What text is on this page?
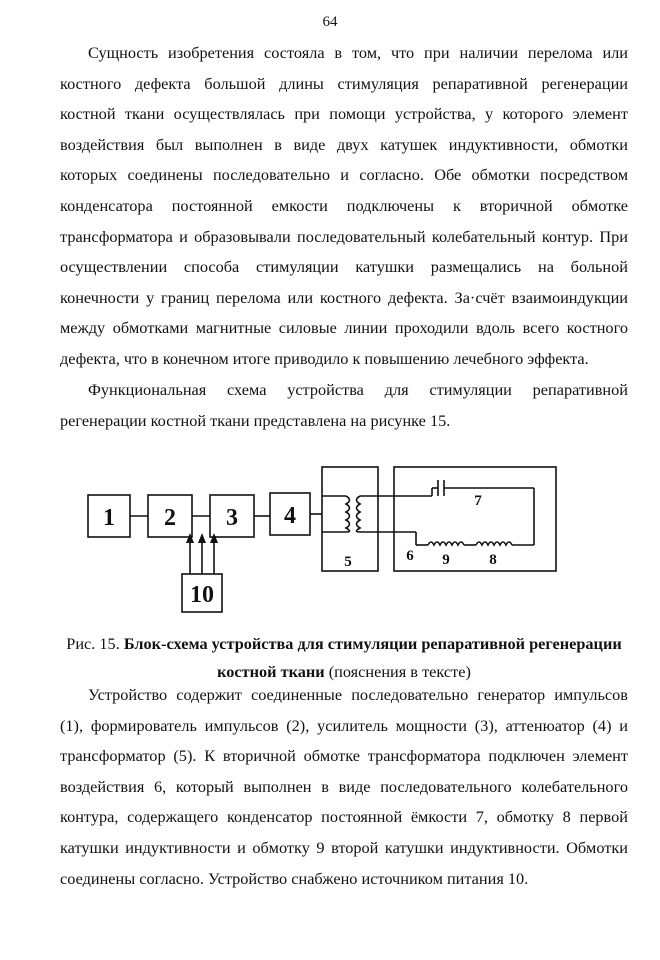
64

Сущность изобретения состояла в том, что при наличии перелома или костного дефекта большой длины стимуляция репаративной регенерации костной ткани осуществлялась при помощи устройства, у которого элемент воздействия был выполнен в виде двух катушек индуктивности, обмотки которых соединены последовательно и согласно. Обе обмотки посредством конденсатора постоянной емкости подключены к вторичной обмотке трансформатора и образовывали последовательный колебательный контур. При осуществлении способа стимуляции катушки размещались на больной конечности у границ перелома или костного дефекта. За·счёт взаимоиндукции между обмотками магнитные силовые линии проходили вдоль всего костного дефекта, что в конечном итоге приводило к повышению лечебного эффекта.

Функциональная схема устройства для стимуляции репаративной регенерации костной ткани представлена на рисунке 15.

1 2 3 4
10
5	6
7
9	8

Рис. 15. Блок-схема устройства для стимуляции репаративной регенерации костной ткани (пояснения в тексте)

Устройство содержит соединенные последовательно генератор импульсов (1), формирователь импульсов (2), усилитель мощности (3), аттенюатор (4) и трансформатор (5). К вторичной обмотке трансформатора подключен элемент воздействия 6, который выполнен в виде последовательного колебательного контура, содержащего конденсатор постоянной ёмкости 7, обмотку 8 первой катушки индуктивности и обмотку 9 второй катушки индуктивности. Обмотки соединены согласно. Устройство снабжено источником питания 10.
